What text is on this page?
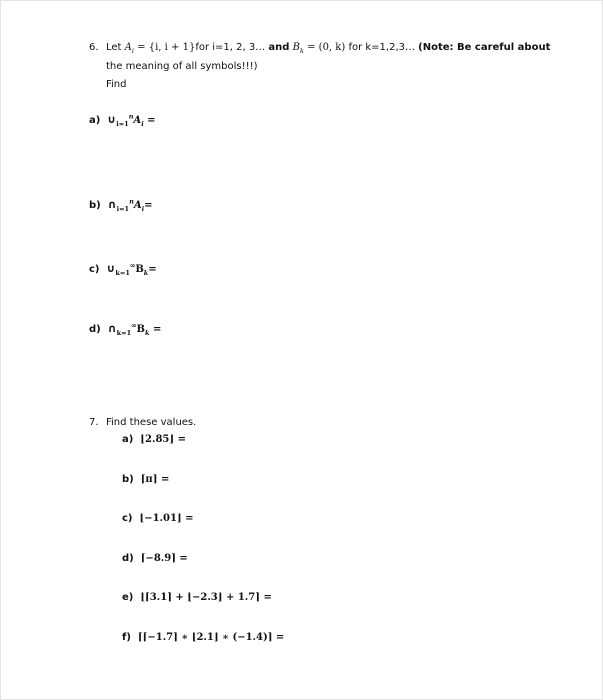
6. Let $A_i = \{i$, i + 1}for i=1, 2, 3… and $B_k = (0$, k) for k=1,2,3… (Note: Be careful about
the meaning of all symbols!!!)
Find
a) $\cup_{i=1}^nA_i$ =
b) $\cap_{i=1}^nA_i=$
c) $\cup_{k=1}^\infty B_k=$
d) $\cap_{k=1}^\infty B_k$ =
7. Find these values.
a) ⌊2.85⌋ =
b) ⌈π⌉ =
c) ⌊−1.01⌋ =
d) ⌈−8.9⌉ =
e) ⌊⌈3.1⌉ + ⌊−2.3⌋ + 1.7⌉ =
f) ⌈⌈−1.7⌉ ∗ ⌊2.1⌋ ∗ (−1.4)⌉ =
